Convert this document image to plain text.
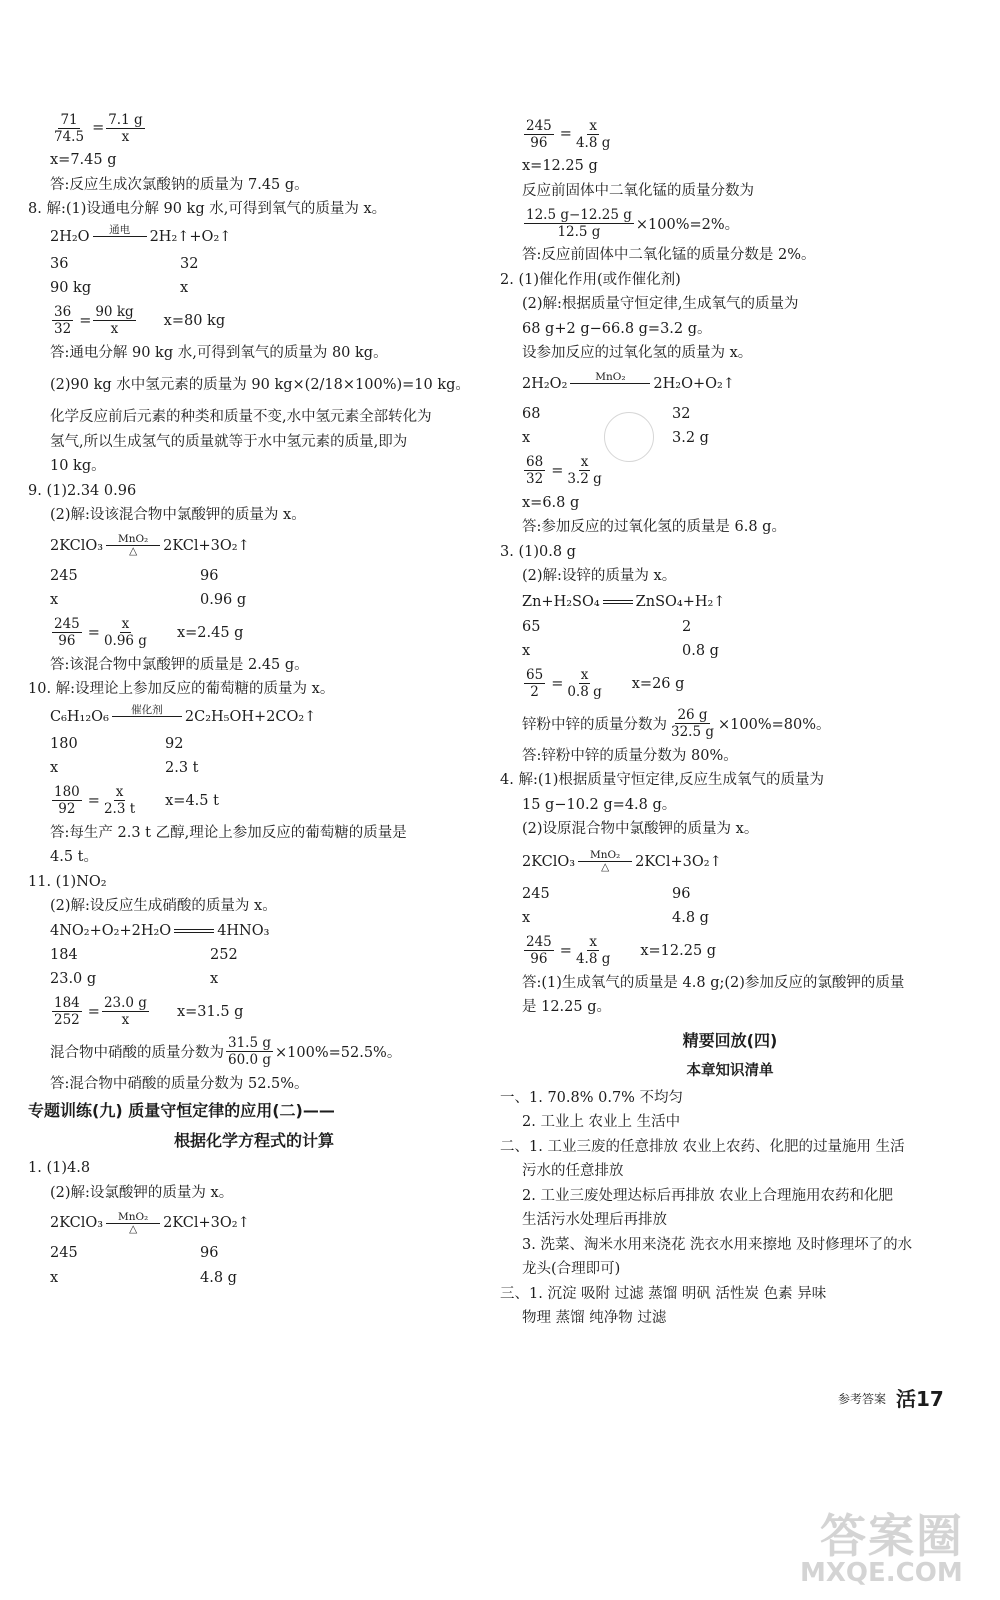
$\frac{71}{74.5} = \frac{7.1 g}{x}$
x=7.45 g
答:反应生成次氯酸钠的质量为 7.45 g。
8. 解:(1)设通电分解 90 kg 水,可得到氧气的质量为 x。
2H₂O 通电 2H₂↑+O₂↑
36	32
90 kg	x
$\frac{36}{32} = \frac{90 kg}{x} x=80$ kg
答:通电分解 90 kg 水,可得到氧气的质量为 80 kg。
(2)90 kg 水中氢元素的质量为 90 kg×(2/18×100%)=10 kg。
化学反应前后元素的种类和质量不变,水中氢元素全部转化为
氢气,所以生成氢气的质量就等于水中氢元素的质量,即为
10 kg。
9. (1)2.34 0.96
(2)解:设该混合物中氯酸钾的质量为 x。
2KClO₃ MnO₂
△ 2KCl+3O₂↑
245	96
x	0.96 g
$\frac{245}{96} = \frac{x}{0.96 g} x=2.45$ g
答:该混合物中氯酸钾的质量是 2.45 g。
10. 解:设理论上参加反应的葡萄糖的质量为 x。
C₆H₁₂O₆ 催化剂 2C₂H₅OH+2CO₂↑
180	92
x	2.3 t
$\frac{180}{92} = \frac{x}{2.3 t} x=4.5$ t
答:每生产 2.3 t 乙醇,理论上参加反应的葡萄糖的质量是
4.5 t。
11. (1)NO₂
(2)解:设反应生成硝酸的质量为 x。
4NO₂+O₂+2H₂O	4HNO₃
184	252
23.0 g	x
$\frac{184}{252} = \frac{23.0 g}{x} x=31.5$ g
混合物中硝酸的质量分数为 $\frac{31.5 g}{60.0 g} \times 100\%=52.5\%$。
答:混合物中硝酸的质量分数为 52.5%。
专题训练(九) 质量守恒定律的应用(二)——
根据化学方程式的计算
1. (1)4.8
(2)解:设氯酸钾的质量为 x。
2KClO₃ MnO₂
△ 2KCl+3O₂↑
245	96
x	4.8 g
$\frac{245}{96} = \frac{x}{4.8 g}$
x=12.25 g
反应前固体中二氧化锰的质量分数为
$\frac{12.5 g-12.25 g}{12.5 g} \times 100\%=2\%$。
答:反应前固体中二氧化锰的质量分数是 2%。
2. (1)催化作用(或作催化剂)
(2)解:根据质量守恒定律,生成氧气的质量为
68 g+2 g−66.8 g=3.2 g。
设参加反应的过氧化氢的质量为 x。
2H₂O₂	MnO₂ 2H₂O+O₂↑
68	32
x	3.2 g
$\frac{68}{32} = \frac{x}{3.2 g}$
x=6.8 g
答:参加反应的过氧化氢的质量是 6.8 g。
3. (1)0.8 g
(2)解:设锌的质量为 x。
Zn+H₂SO₄ ZnSO₄+H₂↑
65	2
x	0.8 g
$\frac{65}{2} = \frac{x}{0.8 g} x=26$ g
锌粉中锌的质量分数为 $\frac{26 g}{32.5 g} \times 100\%=80\%$。
答:锌粉中锌的质量分数为 80%。
4. 解:(1)根据质量守恒定律,反应生成氧气的质量为
15 g−10.2 g=4.8 g。
(2)设原混合物中氯酸钾的质量为 x。
2KClO₃ MnO₂
△ 2KCl+3O₂↑
245	96
x	4.8 g
$\frac{245}{96} = \frac{x}{4.8 g} x=12.25$ g
答:(1)生成氧气的质量是 4.8 g;(2)参加反应的氯酸钾的质量
是 12.25 g。
精要回放(四)
本章知识清单
一、1. 70.8% 0.7% 不均匀
2. 工业上 农业上 生活中
二、1. 工业三废的任意排放 农业上农药、化肥的过量施用 生活
污水的任意排放
2. 工业三废处理达标后再排放 农业上合理施用农药和化肥
生活污水处理后再排放
3. 洗菜、淘米水用来浇花 洗衣水用来擦地 及时修理坏了的水
龙头(合理即可)
三、1. 沉淀 吸附 过滤 蒸馏 明矾 活性炭 色素 异味
物理 蒸馏 纯净物 过滤
参考答案 活17
答案圈
MXQE.COM
